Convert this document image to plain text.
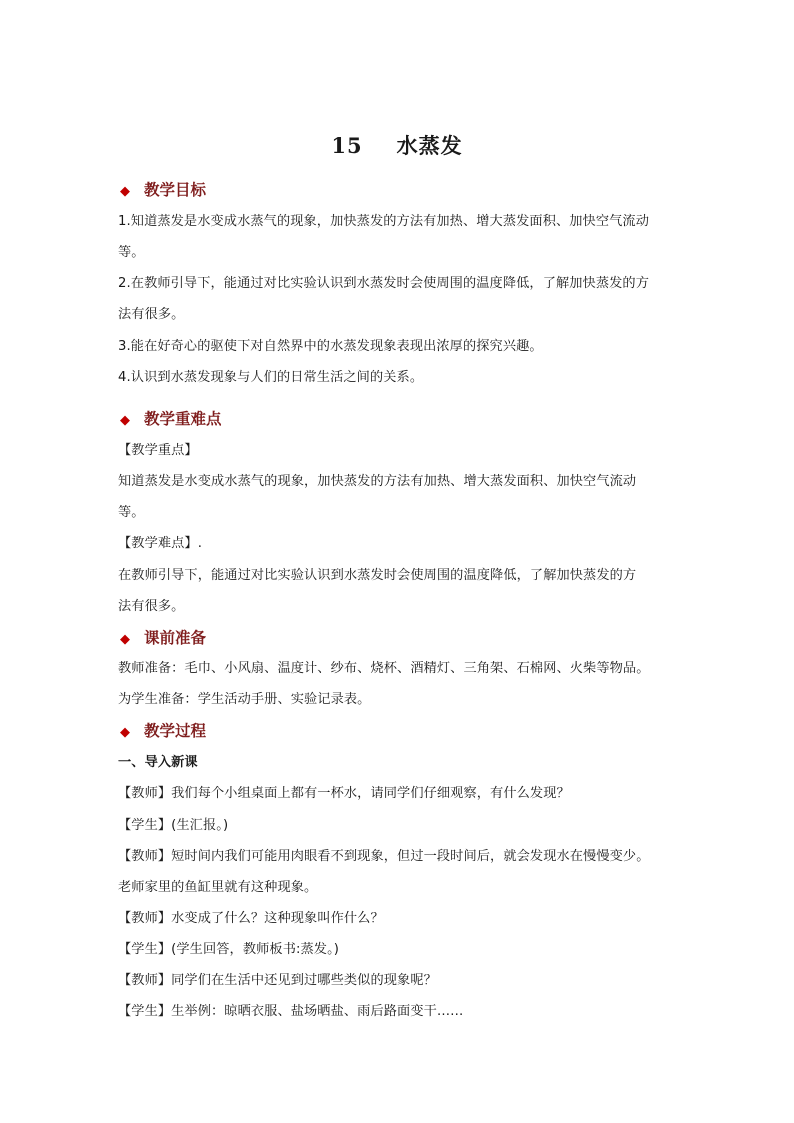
15 水蒸发
◆ 教学目标
1.知道蒸发是水变成水蒸气的现象，加快蒸发的方法有加热、增大蒸发面积、加快空气流动
等。
2.在教师引导下，能通过对比实验认识到水蒸发时会使周围的温度降低，了解加快蒸发的方
法有很多。
3.能在好奇心的驱使下对自然界中的水蒸发现象表现出浓厚的探究兴趣。
4.认识到水蒸发现象与人们的日常生活之间的关系。
◆ 教学重难点
【教学重点】
知道蒸发是水变成水蒸气的现象，加快蒸发的方法有加热、增大蒸发面积、加快空气流动
等。
【教学难点】.
在教师引导下，能通过对比实验认识到水蒸发时会使周围的温度降低，了解加快蒸发的方
法有很多。
◆ 课前准备
教师准备：毛巾、小风扇、温度计、纱布、烧杯、酒精灯、三角架、石棉网、火柴等物品。
为学生准备：学生活动手册、实验记录表。
◆ 教学过程
一、导入新课
【教师】我们每个小组桌面上都有一杯水，请同学们仔细观察，有什么发现？
【学生】(生汇报。)
【教师】短时间内我们可能用肉眼看不到现象，但过一段时间后，就会发现水在慢慢变少。
老师家里的鱼缸里就有这种现象。
【教师】水变成了什么？这种现象叫作什么？
【学生】(学生回答，教师板书:蒸发。)
【教师】同学们在生活中还见到过哪些类似的现象呢？
【学生】生举例：晾晒衣服、盐场晒盐、雨后路面变干……
